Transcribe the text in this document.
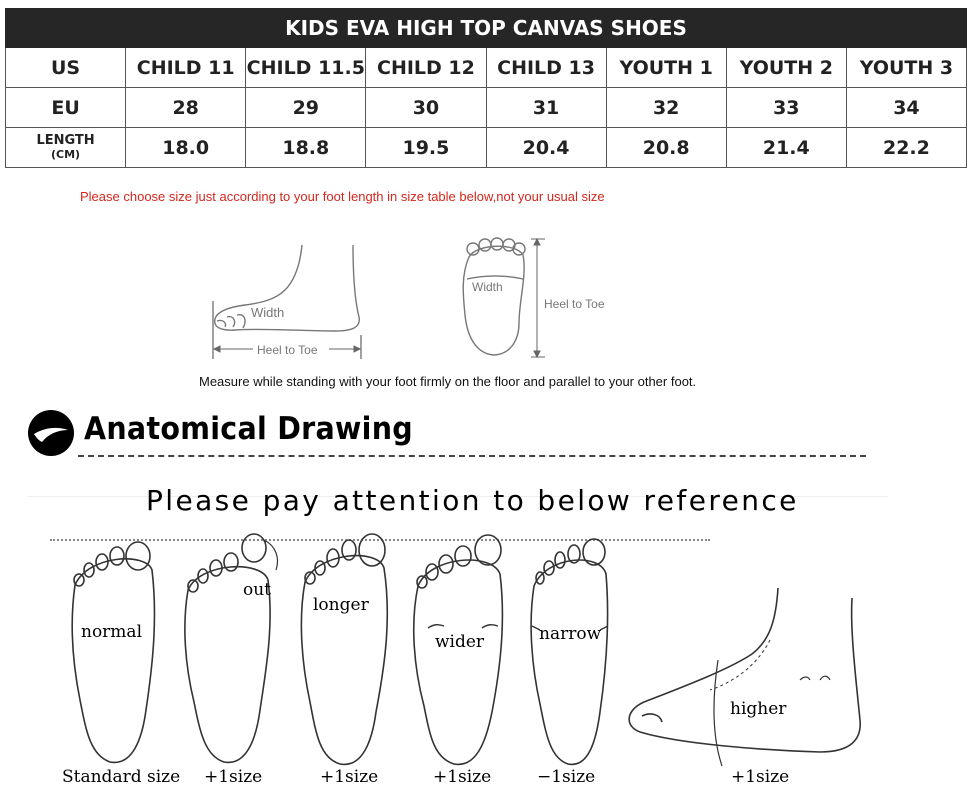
KIDS EVA HIGH TOP CANVAS SHOES							
US	CHILD 11	CHILD 11.5	CHILD 12	CHILD 13	YOUTH 1	YOUTH 2	YOUTH 3
EU	28	29	30	31	32	33	34
LENGTH
(CM)	18.0	18.8	19.5	20.4	20.8	21.4	22.2
Please choose size just according to your foot length in size table below,not your usual size
Width
Heel to Toe
Width
Heel to Toe
Measure while standing with your foot firmly on the floor and parallel to your other foot.
Anatomical Drawing
Please pay attention to below reference
normal
out
longer
wider	narrow
higher
Standard size +1size	+1size	+1size	−1size	+1size
